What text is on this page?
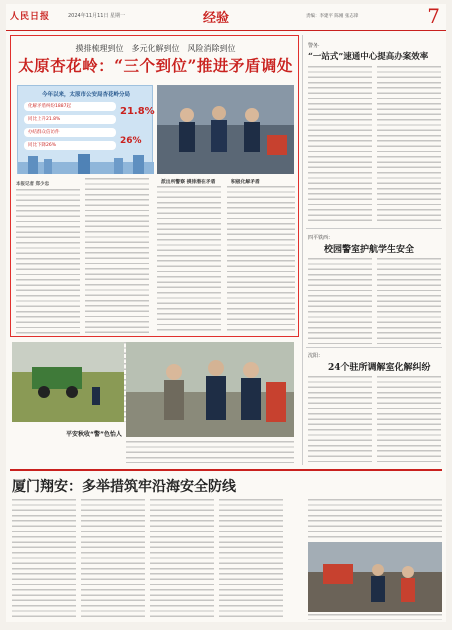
人民日报	2024年11月11日 星期一	经验	责编：李建平 陈刚 张志锋	7
摸排梳理到位　多元化解到位　风险消除到位
太原杏花岭：“三个到位”推进矛盾调处
今年以来，太原市公安局杏花岭分局
化解矛盾纠纷1887起
同比上升21.8%
办结群众信访件
同比下降26%
21.8%
26%
本报记者 郑少忠	派出所警察 摸排潜在矛盾	积极化解矛盾
平安秋收“警”色怡人
警务·
“一站式”速通中心提高办案效率
四平铁西：
校园警室护航学生安全
沈阳：
24个驻所调解室化解纠纷
厦门翔安：多举措筑牢沿海安全防线
